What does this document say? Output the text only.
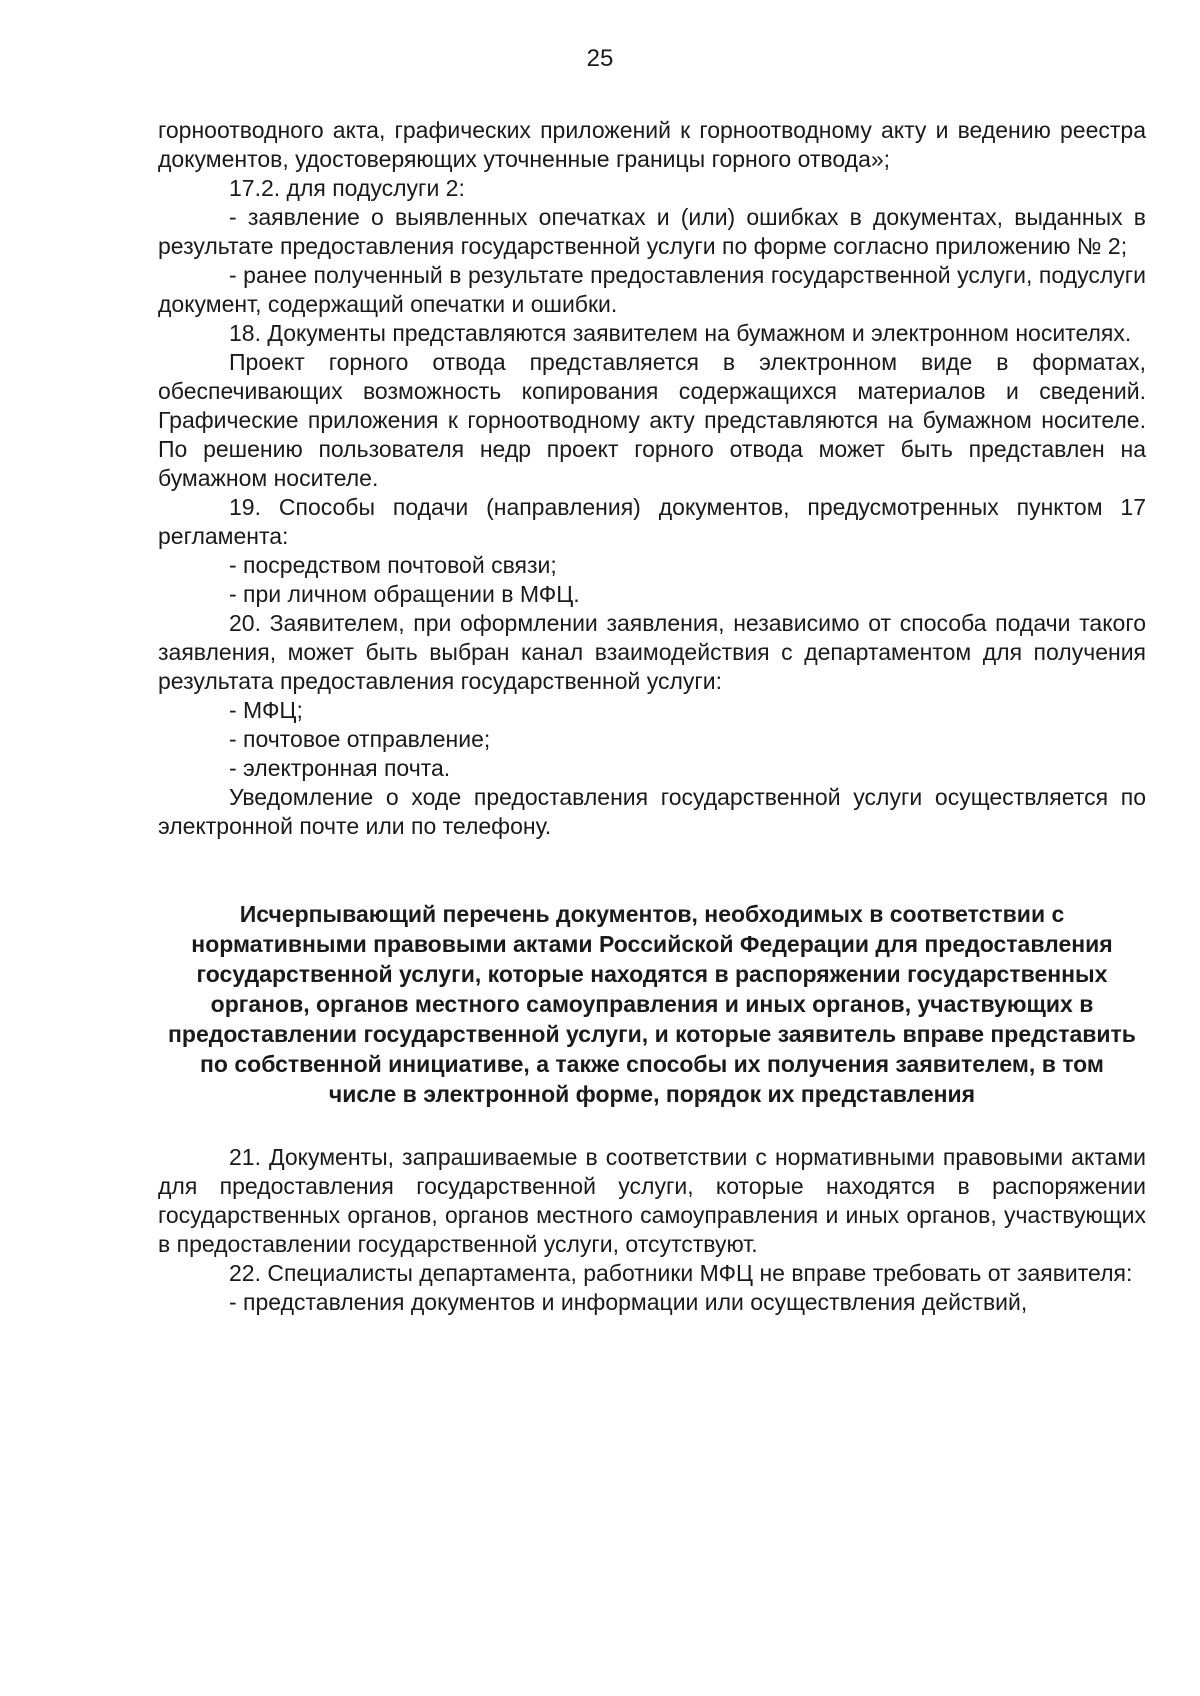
25

горноотводного акта, графических приложений к горноотводному акту и ведению реестра документов, удостоверяющих уточненные границы горного отвода»;

17.2. для подуслуги 2:

- заявление о выявленных опечатках и (или) ошибках в документах, выданных в результате предоставления государственной услуги по форме согласно приложению № 2;

- ранее полученный в результате предоставления государственной услуги, подуслуги документ, содержащий опечатки и ошибки.

18. Документы представляются заявителем на бумажном и электронном носителях.

Проект горного отвода представляется в электронном виде в форматах, обеспечивающих возможность копирования содержащихся материалов и сведений. Графические приложения к горноотводному акту представляются на бумажном носителе. По решению пользователя недр проект горного отвода может быть представлен на бумажном носителе.

19. Способы подачи (направления) документов, предусмотренных пунктом 17 регламента:

- посредством почтовой связи;

- при личном обращении в МФЦ.

20. Заявителем, при оформлении заявления, независимо от способа подачи такого заявления, может быть выбран канал взаимодействия с департаментом для получения результата предоставления государственной услуги:

- МФЦ;

- почтовое отправление;

- электронная почта.

Уведомление о ходе предоставления государственной услуги осуществляется по электронной почте или по телефону.

Исчерпывающий перечень документов, необходимых в соответствии с нормативными правовыми актами Российской Федерации для предоставления государственной услуги, которые находятся в распоряжении государственных органов, органов местного самоуправления и иных органов, участвующих в предоставлении государственной услуги, и которые заявитель вправе представить по собственной инициативе, а также способы их получения заявителем, в том числе в электронной форме, порядок их представления

21. Документы, запрашиваемые в соответствии с нормативными правовыми актами для предоставления государственной услуги, которые находятся в распоряжении государственных органов, органов местного самоуправления и иных органов, участвующих в предоставлении государственной услуги, отсутствуют.

22. Специалисты департамента, работники МФЦ не вправе требовать от заявителя:

- представления документов и информации или осуществления действий,
